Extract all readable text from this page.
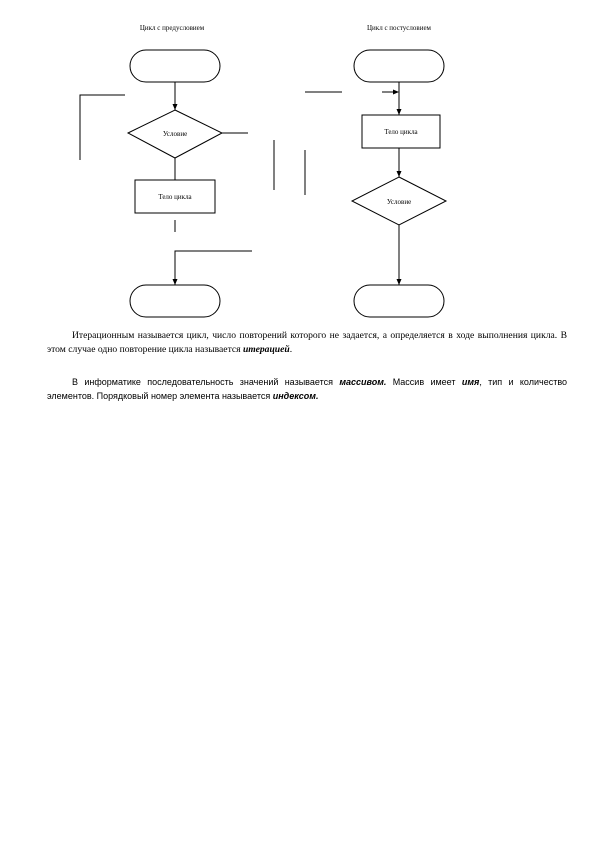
Цикл с предусловием	Цикл с постусловием
Условие
Тело цикла
Тело цикла
Условие

Итерационным называется цикл, число повторений которого не задается, а определяется в ходе выполнения цикла. В этом случае одно повторение цикла называется итерацией.

В информатике последовательность значений называется массивом. Массив имеет имя, тип и количество элементов. Порядковый номер элемента называется индексом.
